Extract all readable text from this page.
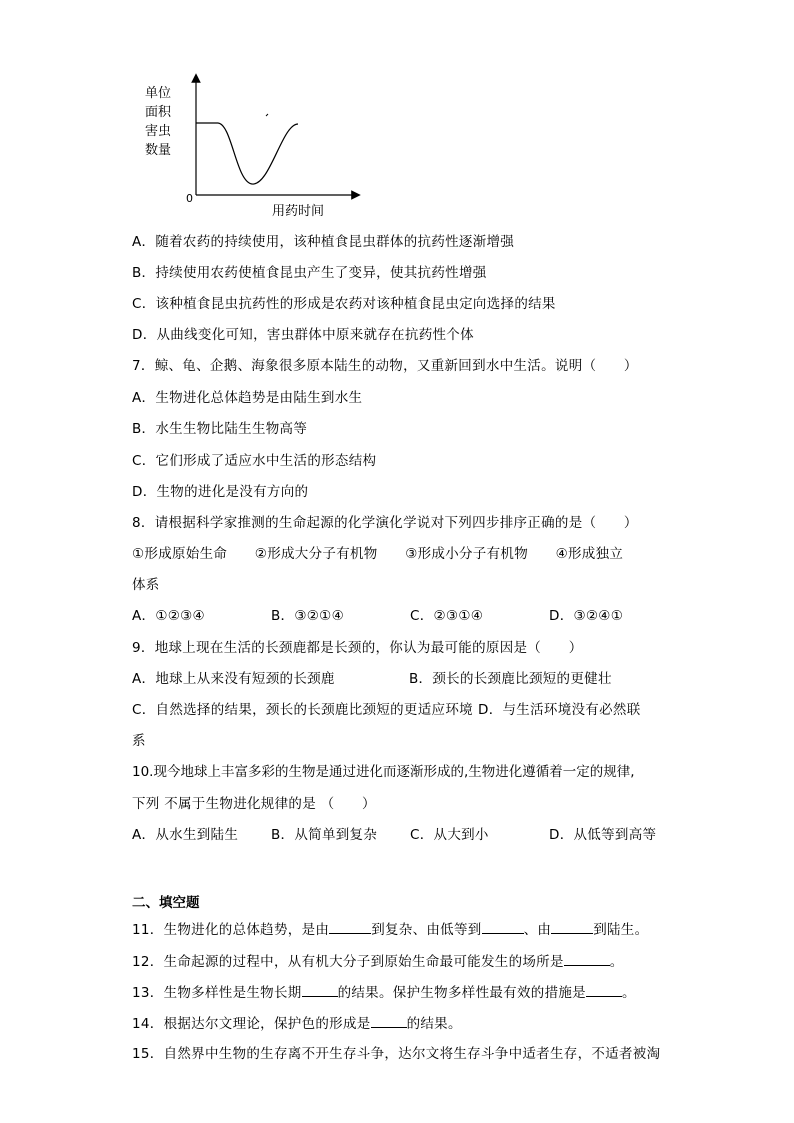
单位
面积
害虫
数量
0
用药时间
A．随着农药的持续使用，该种植食昆虫群体的抗药性逐渐增强
B．持续使用农药使植食昆虫产生了变异，使其抗药性增强
C．该种植食昆虫抗药性的形成是农药对该种植食昆虫定向选择的结果
D．从曲线变化可知，害虫群体中原来就存在抗药性个体
7．鲸、龟、企鹅、海象很多原本陆生的动物，又重新回到水中生活。说明（　　）
A．生物进化总体趋势是由陆生到水生
B．水生生物比陆生生物高等
C．它们形成了适应水中生活的形态结构
D．生物的进化是没有方向的
8．请根据科学家推测的生命起源的化学演化学说对下列四步排序正确的是（　　）
①形成原始生命　　②形成大分子有机物　　③形成小分子有机物　　④形成独立
体系
A．①②③④	B．③②①④	C．②③①④	D．③②④①
9．地球上现在生活的长颈鹿都是长颈的，你认为最可能的原因是（　　）
A．地球上从来没有短颈的长颈鹿	B．颈长的长颈鹿比颈短的更健壮
C．自然选择的结果，颈长的长颈鹿比颈短的更适应环境 D．与生活环境没有必然联
系
10.现今地球上丰富多彩的生物是通过进化而逐渐形成的,生物进化遵循着一定的规律,
下列 不属于生物进化规律的是 （　　）
A．从水生到陆生 B．从简单到复杂 C．从大到小	D．从低等到高等
二、填空题
11．生物进化的总体趋势，是由	到复杂、由低等到	、由	到陆生。
12．生命起源的过程中，从有机大分子到原始生命最可能发生的场所是	。
13．生物多样性是生物长期	的结果。保护生物多样性最有效的措施是	。
14．根据达尔文理论，保护色的形成是	的结果。
15．自然界中生物的生存离不开生存斗争，达尔文将生存斗争中适者生存，不适者被淘
